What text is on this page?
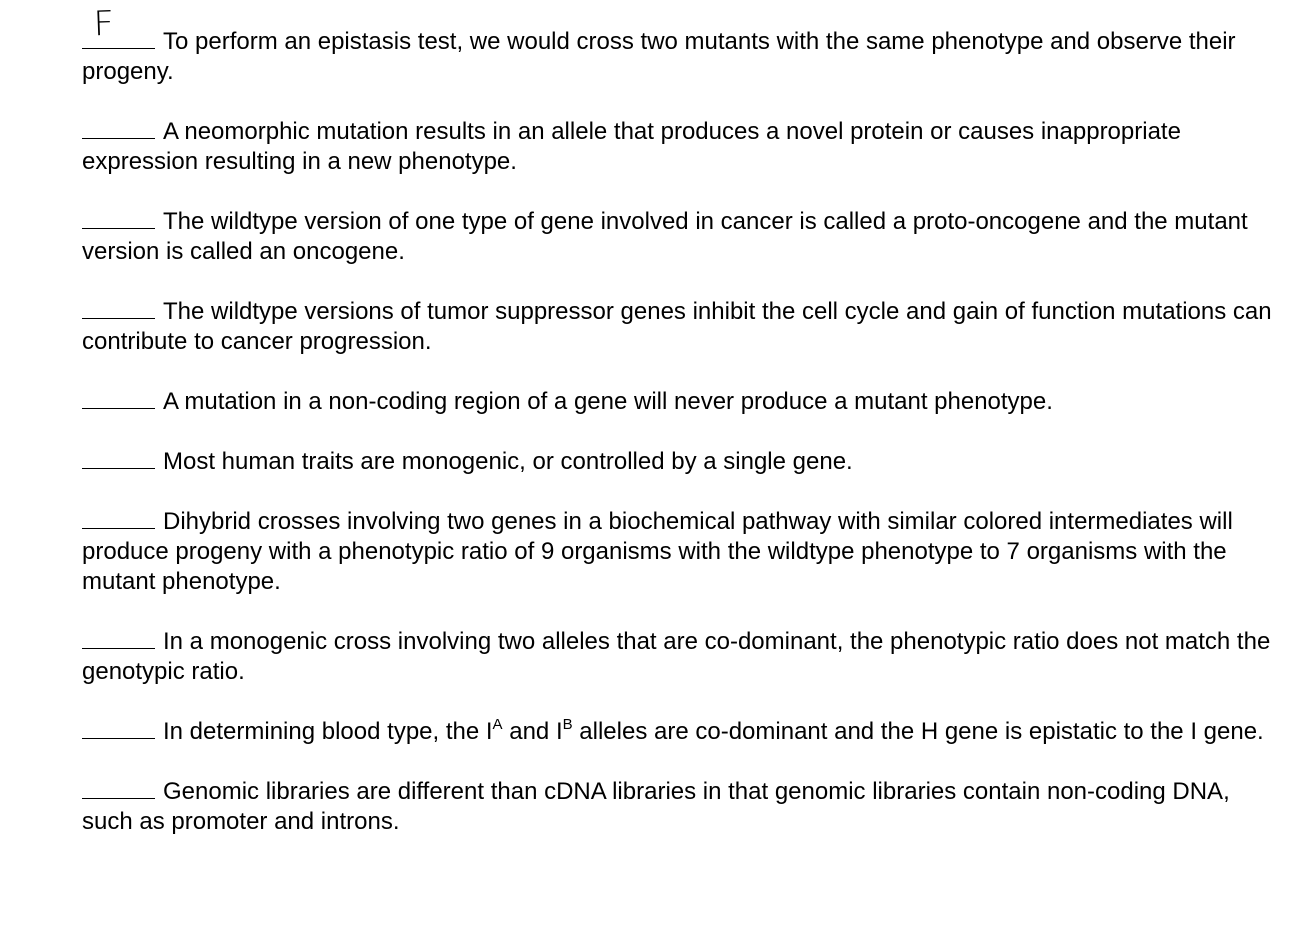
F To perform an epistasis test, we would cross two mutants with the same phenotype and observe their progeny.
A neomorphic mutation results in an allele that produces a novel protein or causes inappropriate expression resulting in a new phenotype.
The wildtype version of one type of gene involved in cancer is called a proto-oncogene and the mutant version is called an oncogene.
The wildtype versions of tumor suppressor genes inhibit the cell cycle and gain of function mutations can contribute to cancer progression.
A mutation in a non-coding region of a gene will never produce a mutant phenotype.
Most human traits are monogenic, or controlled by a single gene.
Dihybrid crosses involving two genes in a biochemical pathway with similar colored intermediates will produce progeny with a phenotypic ratio of 9 organisms with the wildtype phenotype to 7 organisms with the mutant phenotype.
In a monogenic cross involving two alleles that are co-dominant, the phenotypic ratio does not match the genotypic ratio.
In determining blood type, the $I^A$ and $I^B$ alleles are co-dominant and the H gene is epistatic to the I gene.
Genomic libraries are different than cDNA libraries in that genomic libraries contain non-coding DNA, such as promoter and introns.
